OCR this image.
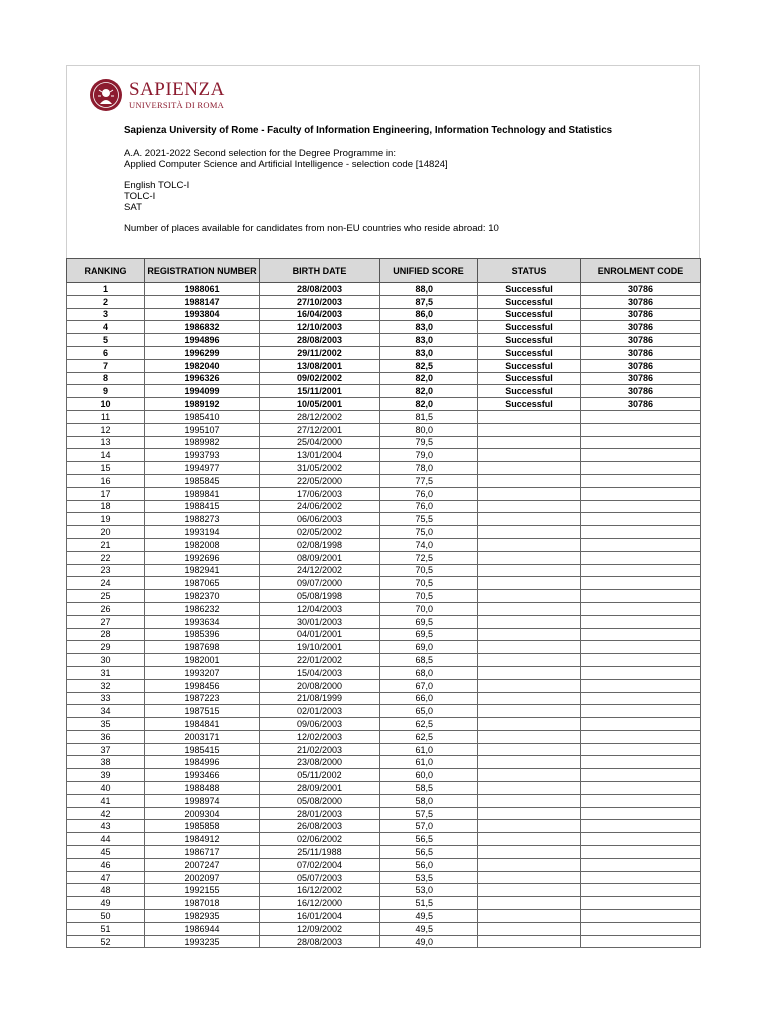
SAPIENZA
UNIVERSITÀ DI ROMA
Sapienza University of Rome - Faculty of Information Engineering, Information Technology and Statistics
A.A. 2021-2022 Second selection for the Degree Programme in:
Applied Computer Science and Artificial Intelligence - selection code [14824]
English TOLC-I
TOLC-I
SAT
Number of places available for candidates from non-EU countries who reside abroad: 10
RANKING	REGISTRATION NUMBER	BIRTH DATE	UNIFIED SCORE	STATUS	ENROLMENT CODE
1	1988061	28/08/2003	88,0	Successful	30786
2	1988147	27/10/2003	87,5	Successful	30786
3	1993804	16/04/2003	86,0	Successful	30786
4	1986832	12/10/2003	83,0	Successful	30786
5	1994896	28/08/2003	83,0	Successful	30786
6	1996299	29/11/2002	83,0	Successful	30786
7	1982040	13/08/2001	82,5	Successful	30786
8	1996326	09/02/2002	82,0	Successful	30786
9	1994099	15/11/2001	82,0	Successful	30786
10	1989192	10/05/2001	82,0	Successful	30786
11	1985410	28/12/2002	81,5		
12	1995107	27/12/2001	80,0		
13	1989982	25/04/2000	79,5		
14	1993793	13/01/2004	79,0		
15	1994977	31/05/2002	78,0		
16	1985845	22/05/2000	77,5		
17	1989841	17/06/2003	76,0		
18	1988415	24/06/2002	76,0		
19	1988273	06/06/2003	75,5		
20	1993194	02/05/2002	75,0		
21	1982008	02/08/1998	74,0		
22	1992696	08/09/2001	72,5		
23	1982941	24/12/2002	70,5		
24	1987065	09/07/2000	70,5		
25	1982370	05/08/1998	70,5		
26	1986232	12/04/2003	70,0		
27	1993634	30/01/2003	69,5		
28	1985396	04/01/2001	69,5		
29	1987698	19/10/2001	69,0		
30	1982001	22/01/2002	68,5		
31	1993207	15/04/2003	68,0		
32	1998456	20/08/2000	67,0		
33	1987223	21/08/1999	66,0		
34	1987515	02/01/2003	65,0		
35	1984841	09/06/2003	62,5		
36	2003171	12/02/2003	62,5		
37	1985415	21/02/2003	61,0		
38	1984996	23/08/2000	61,0		
39	1993466	05/11/2002	60,0		
40	1988488	28/09/2001	58,5		
41	1998974	05/08/2000	58,0		
42	2009304	28/01/2003	57,5		
43	1985858	26/08/2003	57,0		
44	1984912	02/06/2002	56,5		
45	1986717	25/11/1988	56,5		
46	2007247	07/02/2004	56,0		
47	2002097	05/07/2003	53,5		
48	1992155	16/12/2002	53,0		
49	1987018	16/12/2000	51,5		
50	1982935	16/01/2004	49,5		
51	1986944	12/09/2002	49,5		
52	1993235	28/08/2003	49,0		
